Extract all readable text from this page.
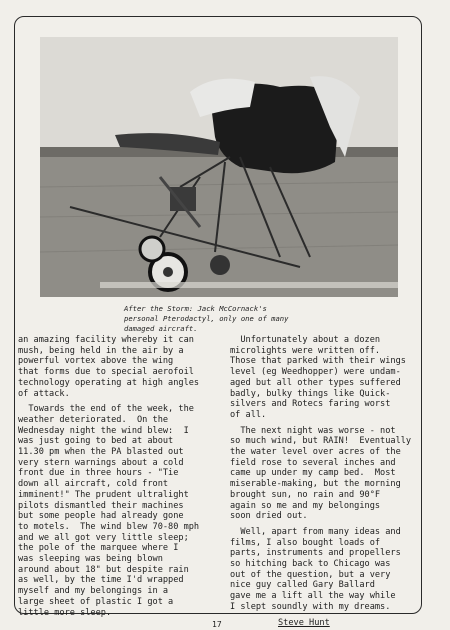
After the Storm: Jack McCornack's
personal Pterodactyl, only one of many
damaged aircraft.

an amazing facility whereby it can
mush, being held in the air by a
powerful vortex above the wing
that forms due to special aerofoil
technology operating at high angles
of attack.

Towards the end of the week, the
weather deteriorated.  On the
Wednesday night the wind blew:  I
was just going to bed at about
11.30 pm when the PA blasted out
very stern warnings about a cold
front due in three hours - "Tie
down all aircraft, cold front
imminent!" The prudent ultralight
pilots dismantled their machines
but some people had already gone
to motels.  The wind blew 70-80 mph
and we all got very little sleep;
the pole of the marquee where I
was sleeping was being blown
around about 18" but despite rain
as well, by the time I'd wrapped
myself and my belongings in a
large sheet of plastic I got a
little more sleep.

Unfortunately about a dozen
microlights were written off.
Those that parked with their wings
level (eg Weedhopper) were undam-
aged but all other types suffered
badly, bulky things like Quick-
silvers and Rotecs faring worst
of all.

The next night was worse - not
so much wind, but RAIN!  Eventually
the water level over acres of the
field rose to several inches and
came up under my camp bed.  Most
miserable-making, but the morning
brought sun, no rain and 90°F
again so me and my belongings
soon dried out.

Well, apart from many ideas and
films, I also bought loads of
parts, instruments and propellers
so hitching back to Chicago was
out of the question, but a very
nice guy called Gary Ballard
gave me a lift all the way while
I slept soundly with my dreams.

Steve Hunt
17
